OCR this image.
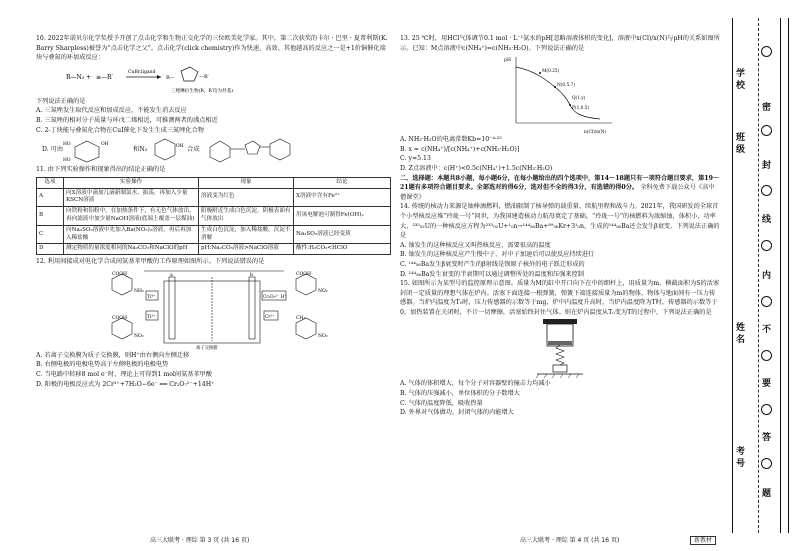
10. 2022年诺贝尔化学奖授予开创了点击化学和生物正交化学的三位欧美化学家。其中，第二次获奖的卡尔 · 巴里 · 夏普利斯(K. Barry Sharpless)被誉为“点击化学之父”。点击化学(click chemistry)作为快速、高效、其他越高的反应之一是+1价铜催化端炔与叠氮的环加成反应：

R—N₃ + ≡—R′
CuBr,ligand
R—	—R′
三唑啉衍生物(R，R′均为烃基)

下列说法正确的是

A. 三氮唑发生取代反应和加成反应，不能发生消去反应

B. 三氮唑的相对分子质量与环戊二烯相近，可推测两者的沸点相近

C. 2-丁炔能与叠氮化合物在CuI催化下发生生成三氮唑化合物

D. 可由
HO
HO
OH
和N₃	OH 合成

11. 由下列实验操作和现象得出的结论正确的是

选项	实验操作	现象	结论
A	向X溶液中滴加几滴新制氯水，振荡，再加入少量KSCN溶液	溶液变为红色	X溶液中含有Fe²⁺
B	向铁粉和铝粉中，在加热条件下，有无色气体放出，再向滤液中加少量NaOH溶液(底端上覆盖一层煤油)	阳极附近生成白色沉淀，阴极表面有气体放出	用该电解池可制得Fe(OH)₂
C	向Na₂SO₃溶液中先加入Ba(NO₃)₂溶液，再后再加入稀盐酸	生成白色沉淀，加入稀盐酸，沉淀不消解	Na₂SO₃溶液已经变质
D	测定物质的量浓度相同的Na₂CO₃和NaClO的pH	pH:Na₂CO₃溶液>NaClO溶液	酸性:H₂CO₃<HClO

12. 利用间接成对电化学合成间氨基苯甲酸的工作原理如图所示。下列说法错误的是

COOH
NH₂
COOH
NO₂
Ti⁴⁺
Ti³⁺
a	b
离子交换膜
Cr₂O₇²⁻ H⁺
Cr³⁺
COOH
NO₂
CH₃
NO₂

A. 若离子交换膜为质子交换膜，则H⁺由右侧向左侧迁移

B. 右侧电极的电极电势高于左侧电极的电极电势

C. 当电路中转移8 mol e⁻时，理论上可得到1 mol间氨基苯甲酸

D. 阳极的电极反应式为 2Cr³⁺+7H₂O−6e⁻ ══ Cr₂O₇²⁻+14H⁺

13. 25 ℃时，用HCl气体调节0.1 mol · L⁻¹氨水的pH[忽略溶液体积的变化]，溶液中x(Cl)/x(N)与pH的关系如图所示。已知：M点溶液中c(NH₄⁺)=c(NH₃·H₂O)。下列说法正确的是

pH
n(Cl)/n(N)
M(0.25)
N(0.5,7)
Q(1,y)
P(1,0.5)

A. NH₃·H₂O的电离常数Kb=10⁻⁴·²⁵

B. x = c(NH₄⁺)/[c(NH₄⁺)+c(NH₃·H₂O)]

C. y≈5.13

D. Z点溶液中：c(H⁺)<0.5c(NH₄⁺)+1.5c(NH₃·H₂O)

二、选择题：本题共8小题，每小题6分，在每小题给出的四个选项中，第14～18题只有一项符合题目要求，第19～21题有多项符合题目要求。全部选对的得6分，选对但不全的得3分，有选错的得0分。 全科免费下载公众号《高中僧课堂》

14. 传统的核动力来源是铀棒滴燃料，燃油限制了核导弹的载重量、续航里程和战斗力。2021年，我国研发的全球首个小型核反应堆“玲珑一号”问世，为我国建造核动力航母奠定了基础。“玲珑一号”的核燃料为浓缩铀，体积小，功率大，²³⁵₉₂U的一种核反应方程为²³⁵₉₂U+¹₀n→¹⁴⁴₅₆Ba+⁸⁹₃₆Kr+3¹₀n，生成的¹⁴⁴₅₆Ba还会发生β衰变。下列说法正确的是

A. 铀发生的这种核反应又叫热核反应，需要很高的温度

B. 铀发生的这种核反应产生慢中子，对中子加速后可以使反应持续进行

C. ¹⁴⁴₅₆Ba发生β衰变时产生的β射线是钡原子核外的电子跃迁形成的

D. ¹⁴⁴₅₆Ba发生衰变的半衰期可以通过调整所处的温度和压强来控制

15. 如图所示为某型号的监控原理示意图。质量为M的缸中开口向下在中的细杆上，用质量为m，横截面积为S的活塞封闭一定质量的理想气体在炉内。活塞下面连接一根弹簧，弹簧下端连接质量为m的物体，物体与地面间有一压力传感器。当炉内温度为T₀时，压力传感器的示数等于mg，炉中内温度升高时，当炉内温度降为T时，传感器的示数等于0，加热装置在关闭时，不计一切摩擦，活塞始终封住气体。则在炉内温度从T₀变为T的过程中，下列说法正确的是

A. 气体的体积增大，每个分子对容器壁的撞击力均减小

B. 气体的压强减小，单位体积的分子数增大

C. 气体的温度降低，吸收热量

D. 外界对气体做功，封闭气体的内能增大

高三大联考 · 理综 第 3 页 (共 16 页)	高三大联考 · 理综 第 4 页 (共 16 页)	新教材
学
校
班
级
姓
名
考
号
密
封
线
内
不
要
答
题
